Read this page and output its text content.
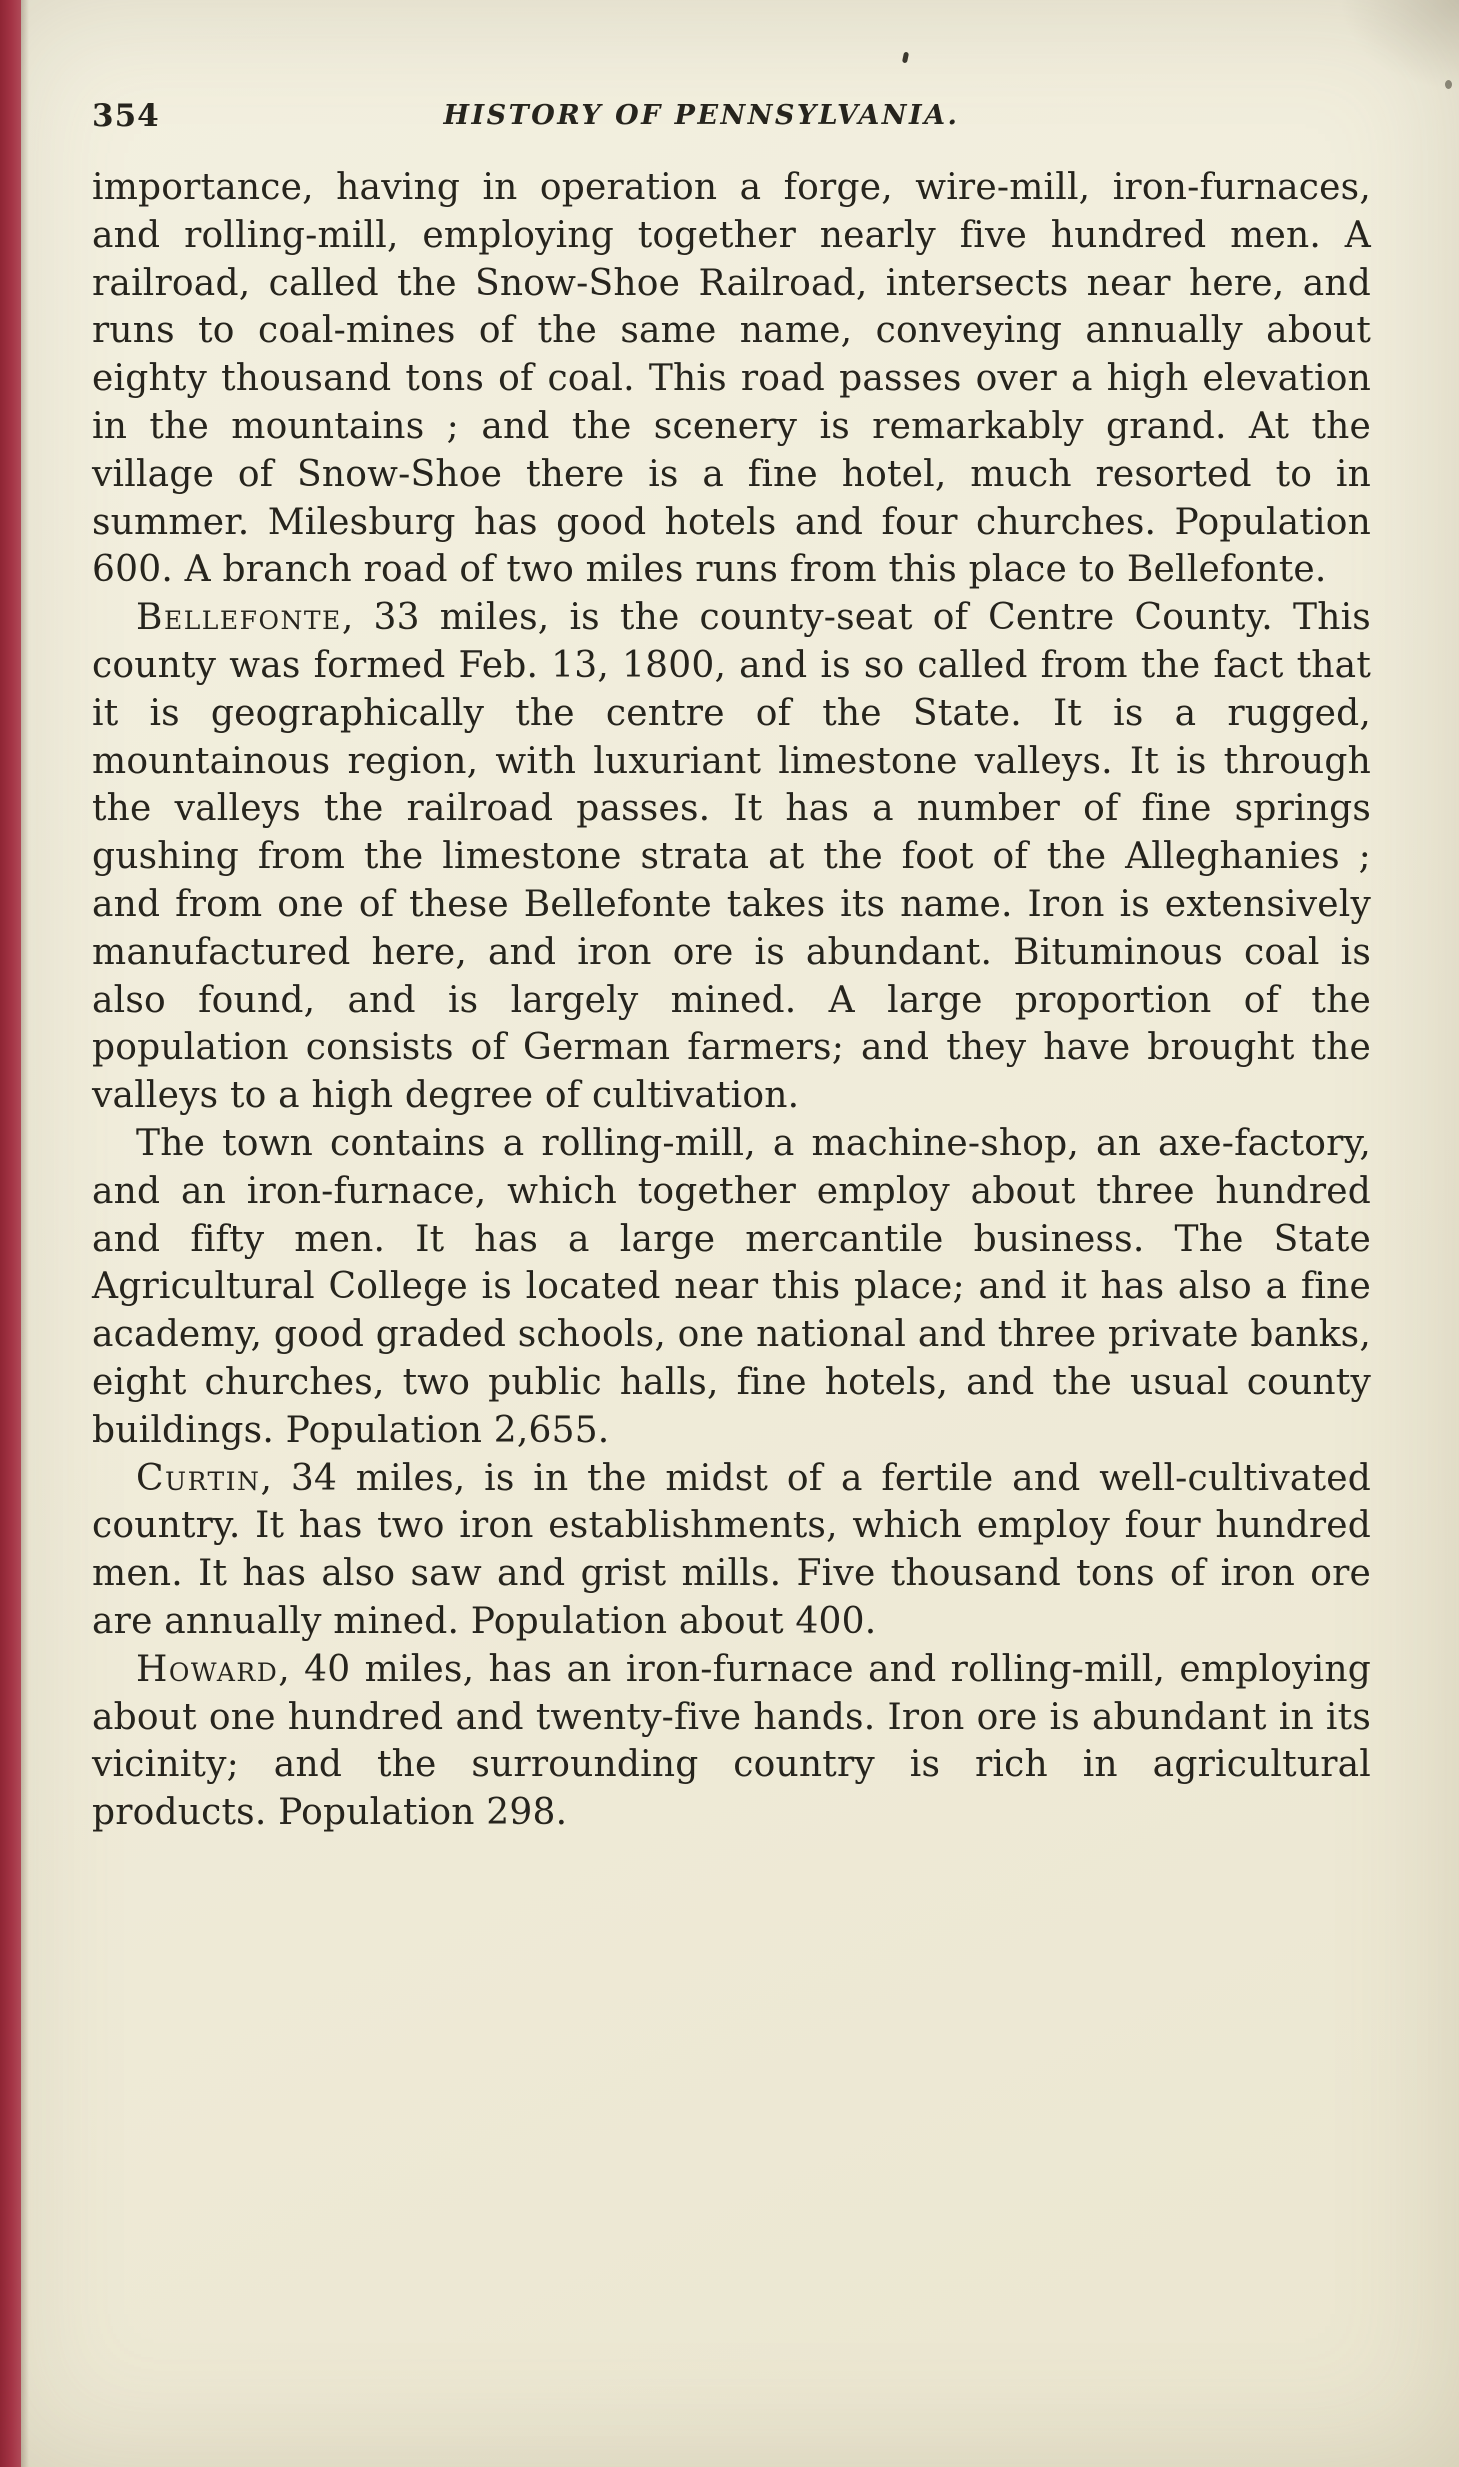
354	HISTORY OF PENNSYLVANIA.

importance, having in operation a forge, wire-mill, iron-furnaces, and rolling-mill, employing together nearly five hundred men. A railroad, called the Snow-Shoe Railroad, intersects near here, and runs to coal-mines of the same name, conveying annually about eighty thousand tons of coal. This road passes over a high elevation in the mountains ; and the scenery is remarkably grand. At the village of Snow-Shoe there is a fine hotel, much resorted to in summer. Milesburg has good hotels and four churches. Population 600. A branch road of two miles runs from this place to Bellefonte.

Bellefonte, 33 miles, is the county-seat of Centre County. This county was formed Feb. 13, 1800, and is so called from the fact that it is geographically the centre of the State. It is a rugged, mountainous region, with luxuriant limestone valleys. It is through the valleys the railroad passes. It has a number of fine springs gushing from the limestone strata at the foot of the Alleghanies ; and from one of these Bellefonte takes its name. Iron is extensively manufactured here, and iron ore is abundant. Bituminous coal is also found, and is largely mined. A large proportion of the population consists of German farmers; and they have brought the valleys to a high degree of cultivation.

The town contains a rolling-mill, a machine-shop, an axe-factory, and an iron-furnace, which together employ about three hundred and fifty men. It has a large mercantile business. The State Agricultural College is located near this place; and it has also a fine academy, good graded schools, one national and three private banks, eight churches, two public halls, fine hotels, and the usual county buildings. Population 2,655.

Curtin, 34 miles, is in the midst of a fertile and well-cultivated country. It has two iron establishments, which employ four hundred men. It has also saw and grist mills. Five thousand tons of iron ore are annually mined. Population about 400.

Howard, 40 miles, has an iron-furnace and rolling-mill, employing about one hundred and twenty-five hands. Iron ore is abundant in its vicinity; and the surrounding country is rich in agricultural products. Population 298.
